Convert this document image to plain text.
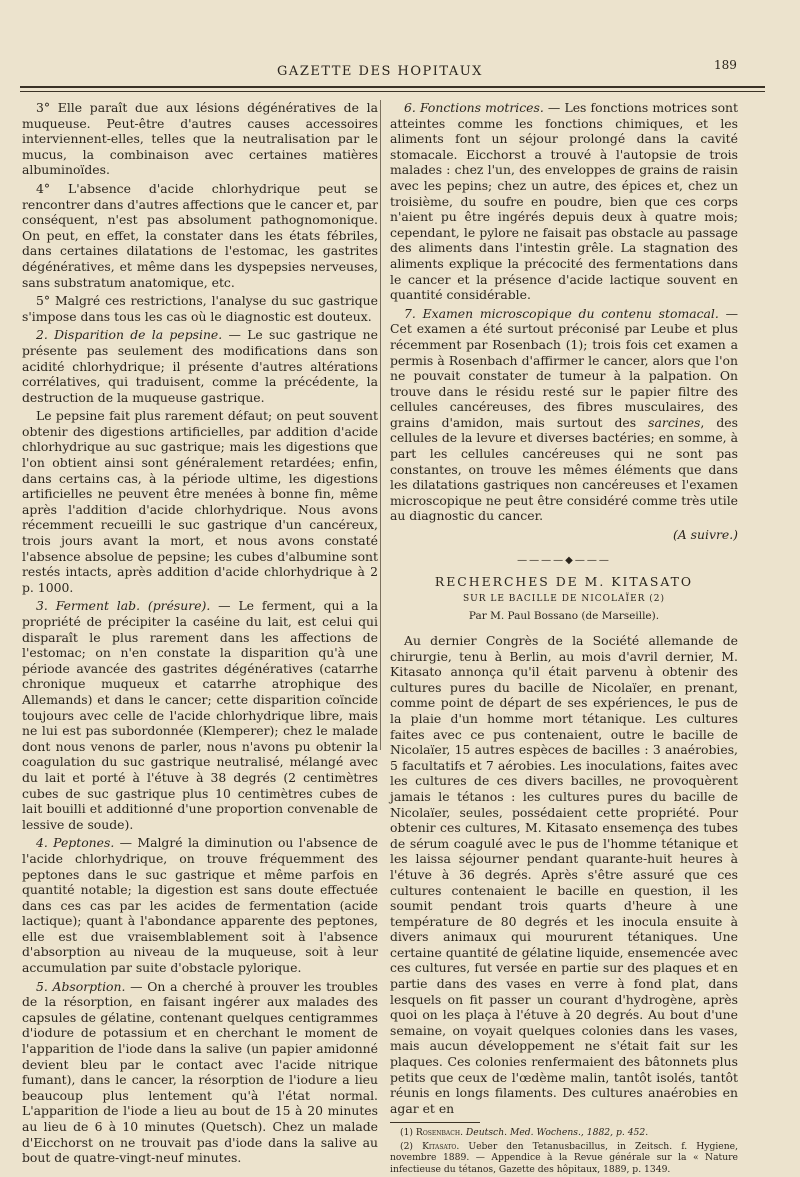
GAZETTE DES HOPITAUX	189

3° Elle paraît due aux lésions dégénératives de la muqueuse. Peut-être d'autres causes accessoires interviennent-elles, telles que la neutralisation par le mucus, la combinaison avec certaines matières albuminoïdes.

4° L'absence d'acide chlorhydrique peut se rencontrer dans d'autres affections que le cancer et, par conséquent, n'est pas absolument pathognomonique. On peut, en effet, la constater dans les états fébriles, dans certaines dilatations de l'estomac, les gastrites dégénératives, et même dans les dyspepsies nerveuses, sans substratum anatomique, etc.

5° Malgré ces restrictions, l'analyse du suc gastrique s'impose dans tous les cas où le diagnostic est douteux.

2. Disparition de la pepsine. — Le suc gastrique ne présente pas seulement des modifications dans son acidité chlorhydrique; il présente d'autres altérations corrélatives, qui traduisent, comme la précédente, la destruction de la muqueuse gastrique.

Le pepsine fait plus rarement défaut; on peut souvent obtenir des digestions artificielles, par addition d'acide chlorhydrique au suc gastrique; mais les digestions que l'on obtient ainsi sont généralement retardées; enfin, dans certains cas, à la période ultime, les digestions artificielles ne peuvent être menées à bonne fin, même après l'addition d'acide chlorhydrique. Nous avons récemment recueilli le suc gastrique d'un cancéreux, trois jours avant la mort, et nous avons constaté l'absence absolue de pepsine; les cubes d'albumine sont restés intacts, après addition d'acide chlorhydrique à 2 p. 1000.

3. Ferment lab. (présure). — Le ferment, qui a la propriété de précipiter la caséine du lait, est celui qui disparaît le plus rarement dans les affections de l'estomac; on n'en constate la disparition qu'à une période avancée des gastrites dégénératives (catarrhe chronique muqueux et catarrhe atrophique des Allemands) et dans le cancer; cette disparition coïncide toujours avec celle de l'acide chlorhydrique libre, mais ne lui est pas subordonnée (Klemperer); chez le malade dont nous venons de parler, nous n'avons pu obtenir la coagulation du suc gastrique neutralisé, mélangé avec du lait et porté à l'étuve à 38 degrés (2 centimètres cubes de suc gastrique plus 10 centimètres cubes de lait bouilli et additionné d'une proportion convenable de lessive de soude).

4. Peptones. — Malgré la diminution ou l'absence de l'acide chlorhydrique, on trouve fréquemment des peptones dans le suc gastrique et même parfois en quantité notable; la digestion est sans doute effectuée dans ces cas par les acides de fermentation (acide lactique); quant à l'abondance apparente des peptones, elle est due vraisemblablement soit à l'absence d'absorption au niveau de la muqueuse, soit à leur accumulation par suite d'obstacle pylorique.

5. Absorption. — On a cherché à prouver les troubles de la résorption, en faisant ingérer aux malades des capsules de gélatine, contenant quelques centigrammes d'iodure de potassium et en cherchant le moment de l'apparition de l'iode dans la salive (un papier amidonné devient bleu par le contact avec l'acide nitrique fumant), dans le cancer, la résorption de l'iodure a lieu beaucoup plus lentement qu'à l'état normal. L'apparition de l'iode a lieu au bout de 15 à 20 minutes au lieu de 6 à 10 minutes (Quetsch). Chez un malade d'Eicchorst on ne trouvait pas d'iode dans la salive au bout de quatre-vingt-neuf minutes.

6. Fonctions motrices. — Les fonctions motrices sont atteintes comme les fonctions chimiques, et les aliments font un séjour prolongé dans la cavité stomacale. Eicchorst a trouvé à l'autopsie de trois malades : chez l'un, des enveloppes de grains de raisin avec les pepins; chez un autre, des épices et, chez un troisième, du soufre en poudre, bien que ces corps n'aient pu être ingérés depuis deux à quatre mois; cependant, le pylore ne faisait pas obstacle au passage des aliments dans l'intestin grêle. La stagnation des aliments explique la précocité des fermentations dans le cancer et la présence d'acide lactique souvent en quantité considérable.

7. Examen microscopique du contenu stomacal. — Cet examen a été surtout préconisé par Leube et plus récemment par Rosenbach (1); trois fois cet examen a permis à Rosenbach d'affirmer le cancer, alors que l'on ne pouvait constater de tumeur à la palpation. On trouve dans le résidu resté sur le papier filtre des cellules cancéreuses, des fibres musculaires, des grains d'amidon, mais surtout des sarcines, des cellules de la levure et diverses bactéries; en somme, à part les cellules cancéreuses qui ne sont pas constantes, on trouve les mêmes éléments que dans les dilatations gastriques non cancéreuses et l'examen microscopique ne peut être considéré comme très utile au diagnostic du cancer.

(A suivre.)
————◆———
RECHERCHES DE M. KITASATO
SUR LE BACILLE DE NICOLAÏER (2)
Par M. Paul Bossano (de Marseille).

Au dernier Congrès de la Société allemande de chirurgie, tenu à Berlin, au mois d'avril dernier, M. Kitasato annonça qu'il était parvenu à obtenir des cultures pures du bacille de Nicolaïer, en prenant, comme point de départ de ses expériences, le pus de la plaie d'un homme mort tétanique. Les cultures faites avec ce pus contenaient, outre le bacille de Nicolaïer, 15 autres espèces de bacilles : 3 anaérobies, 5 facultatifs et 7 aérobies. Les inoculations, faites avec les cultures de ces divers bacilles, ne provoquèrent jamais le tétanos : les cultures pures du bacille de Nicolaïer, seules, possédaient cette propriété. Pour obtenir ces cultures, M. Kitasato ensemença des tubes de sérum coagulé avec le pus de l'homme tétanique et les laissa séjourner pendant quarante-huit heures à l'étuve à 36 degrés. Après s'être assuré que ces cultures contenaient le bacille en question, il les soumit pendant trois quarts d'heure à une température de 80 degrés et les inocula ensuite à divers animaux qui moururent tétaniques. Une certaine quantité de gélatine liquide, ensemencée avec ces cultures, fut versée en partie sur des plaques et en partie dans des vases en verre à fond plat, dans lesquels on fit passer un courant d'hydrogène, après quoi on les plaça à l'étuve à 20 degrés. Au bout d'une semaine, on voyait quelques colonies dans les vases, mais aucun développement ne s'était fait sur les plaques. Ces colonies renfermaient des bâtonnets plus petits que ceux de l'œdème malin, tantôt isolés, tantôt réunis en longs filaments. Des cultures anaérobies en agar et en

(1) Rosenbach. Deutsch. Med. Wochens., 1882, p. 452.
(2) Kitasato. Ueber den Tetanusbacillus, in Zeitsch. f. Hygiene, novembre 1889. — Appendice à la Revue générale sur la « Nature infectieuse du tétanos, Gazette des hôpitaux, 1889, p. 1349.
